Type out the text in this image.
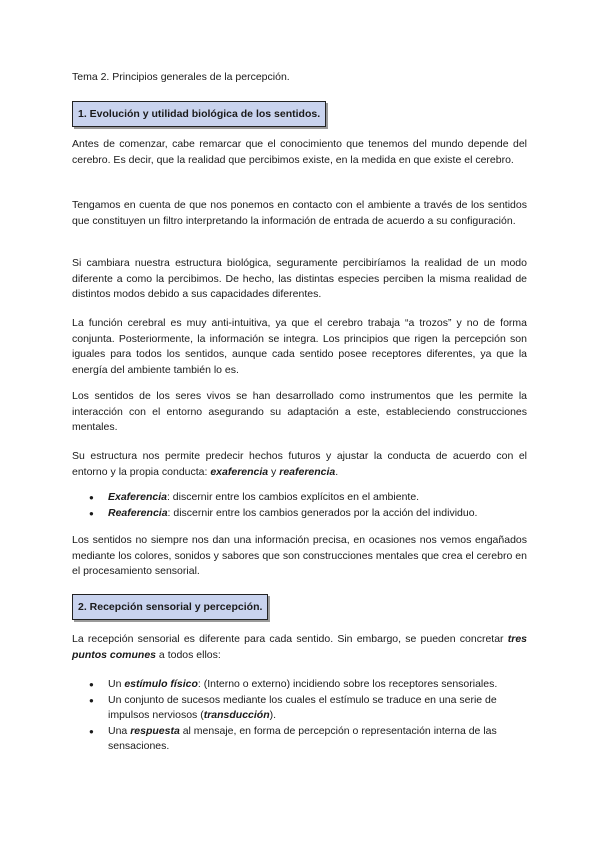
Tema 2. Principios generales de la percepción.
1. Evolución y utilidad biológica de los sentidos.

Antes de comenzar, cabe remarcar que el conocimiento que tenemos del mundo depende del cerebro. Es decir, que la realidad que percibimos existe, en la medida en que existe el cerebro.

Tengamos en cuenta de que nos ponemos en contacto con el ambiente a través de los sentidos que constituyen un filtro interpretando la información de entrada de acuerdo a su configuración.

Si cambiara nuestra estructura biológica, seguramente percibiríamos la realidad de un modo diferente a como la percibimos. De hecho, las distintas especies perciben la misma realidad de distintos modos debido a sus capacidades diferentes.

La función cerebral es muy anti-intuitiva, ya que el cerebro trabaja “a trozos” y no de forma conjunta. Posteriormente, la información se integra. Los principios que rigen la percepción son iguales para todos los sentidos, aunque cada sentido posee receptores diferentes, ya que la energía del ambiente también lo es.

Los sentidos de los seres vivos se han desarrollado como instrumentos que les permite la interacción con el entorno asegurando su adaptación a este, estableciendo construcciones mentales.

Su estructura nos permite predecir hechos futuros y ajustar la conducta de acuerdo con el entorno y la propia conducta: exaferencia y reaferencia.

● Exaferencia: discernir entre los cambios explícitos en el ambiente.
● Reaferencia: discernir entre los cambios generados por la acción del individuo.

Los sentidos no siempre nos dan una información precisa, en ocasiones nos vemos engañados mediante los colores, sonidos y sabores que son construcciones mentales que crea el cerebro en el procesamiento sensorial.

2. Recepción sensorial y percepción.

La recepción sensorial es diferente para cada sentido. Sin embargo, se pueden concretar tres puntos comunes a todos ellos:

● Un estímulo físico: (Interno o externo) incidiendo sobre los receptores sensoriales.
● Un conjunto de sucesos mediante los cuales el estímulo se traduce en una serie de impulsos nerviosos (transducción).
● Una respuesta al mensaje, en forma de percepción o representación interna de las sensaciones.
